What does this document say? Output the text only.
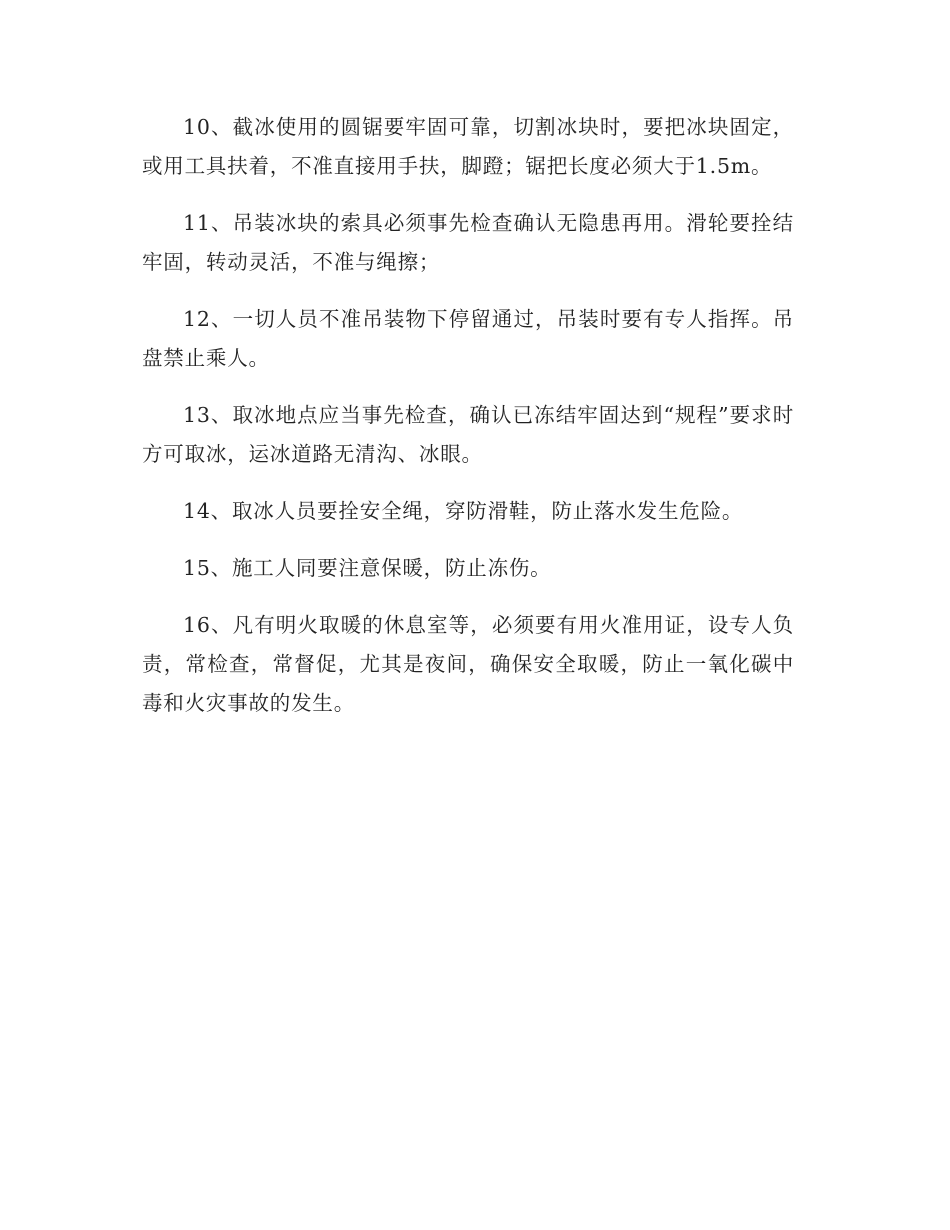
10、截冰使用的圆锯要牢固可靠，切割冰块时，要把冰块固定，或用工具扶着，不准直接用手扶，脚蹬；锯把长度必须大于1.5m。

11、吊装冰块的索具必须事先检查确认无隐患再用。滑轮要拴结牢固，转动灵活，不准与绳擦；

12、一切人员不准吊装物下停留通过，吊装时要有专人指挥。吊盘禁止乘人。

13、取冰地点应当事先检查，确认已冻结牢固达到“规程”要求时方可取冰，运冰道路无清沟、冰眼。

14、取冰人员要拴安全绳，穿防滑鞋，防止落水发生危险。

15、施工人同要注意保暖，防止冻伤。

16、凡有明火取暖的休息室等，必须要有用火准用证，设专人负责，常检查，常督促，尤其是夜间，确保安全取暖，防止一氧化碳中毒和火灾事故的发生。
